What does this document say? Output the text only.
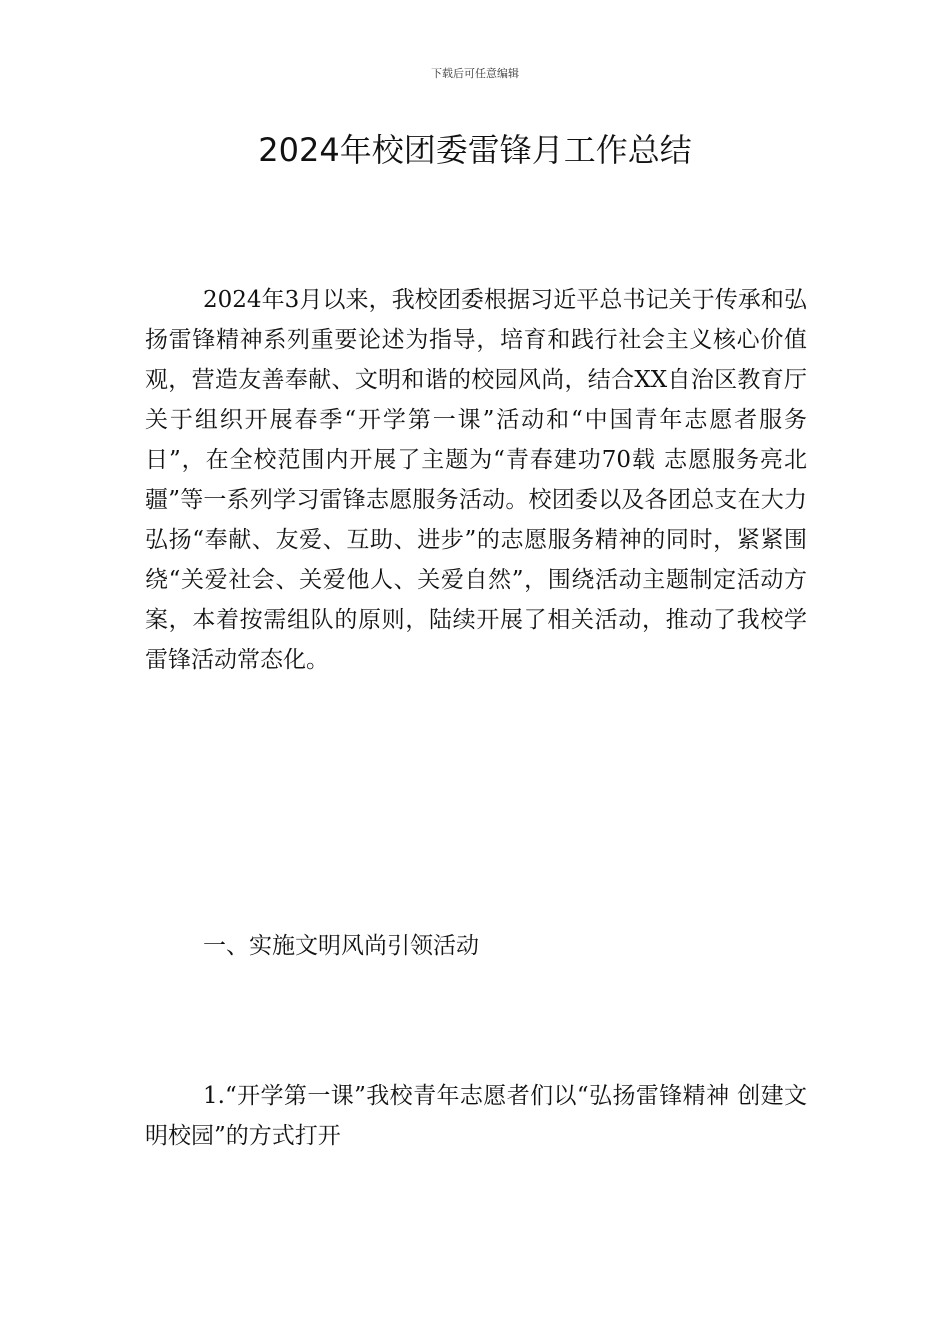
下载后可任意编辑
2024年校团委雷锋月工作总结

2024年3月以来，我校团委根据习近平总书记关于传承和弘扬雷锋精神系列重要论述为指导，培育和践行社会主义核心价值观，营造友善奉献、文明和谐的校园风尚，结合XX自治区教育厅关于组织开展春季“开学第一课”活动和“中国青年志愿者服务日”，在全校范围内开展了主题为“青春建功70载 志愿服务亮北疆”等一系列学习雷锋志愿服务活动。校团委以及各团总支在大力弘扬“奉献、友爱、互助、进步”的志愿服务精神的同时，紧紧围绕“关爱社会、关爱他人、关爱自然”，围绕活动主题制定活动方案，本着按需组队的原则，陆续开展了相关活动，推动了我校学雷锋活动常态化。

一、实施文明风尚引领活动

1.“开学第一课”我校青年志愿者们以“弘扬雷锋精神 创建文明校园”的方式打开
